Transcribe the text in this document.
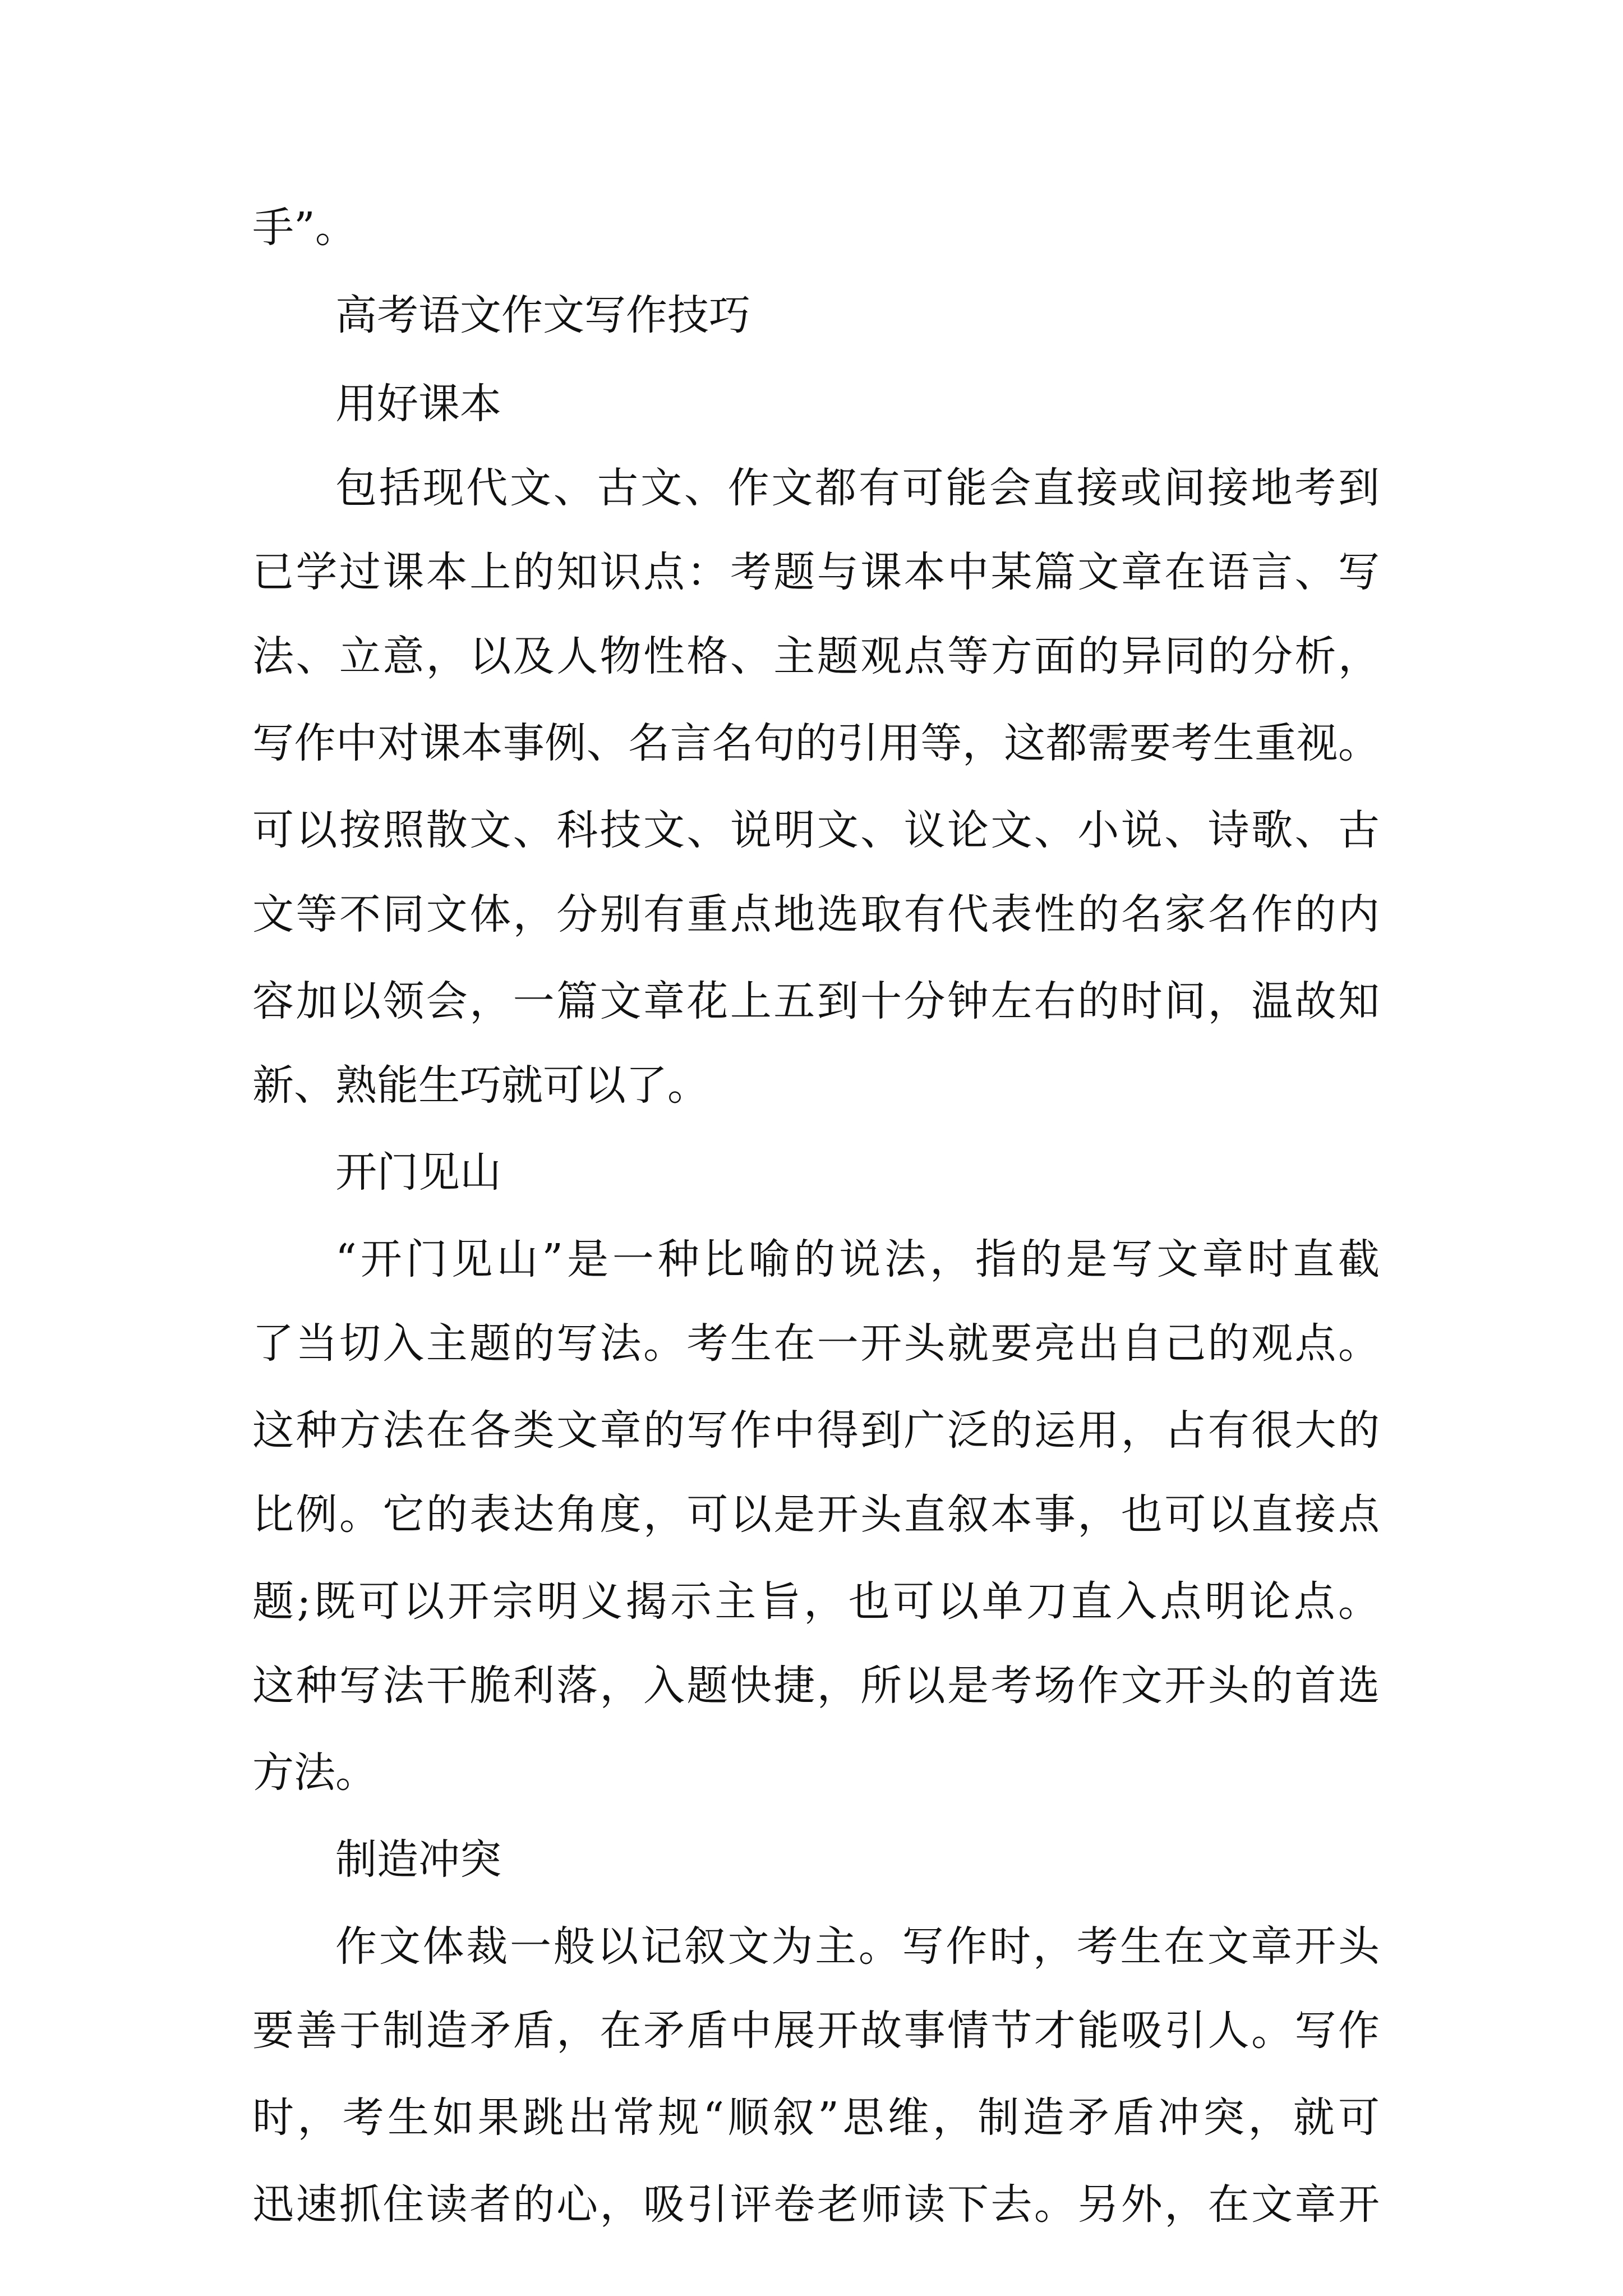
手”。
高考语文作文写作技巧
用好课本
包括现代文、古文、作文都有可能会直接或间接地考到
已学过课本上的知识点：考题与课本中某篇文章在语言、写
法、立意，以及人物性格、主题观点等方面的异同的分析，
写作中对课本事例、名言名句的引用等，这都需要考生重视。
可以按照散文、科技文、说明文、议论文、小说、诗歌、古
文等不同文体，分别有重点地选取有代表性的名家名作的内
容加以领会，一篇文章花上五到十分钟左右的时间，温故知
新、熟能生巧就可以了。
开门见山
“开门见山”是一种比喻的说法，指的是写文章时直截
了当切入主题的写法。考生在一开头就要亮出自己的观点。
这种方法在各类文章的写作中得到广泛的运用，占有很大的
比例。它的表达角度，可以是开头直叙本事，也可以直接点
题;既可以开宗明义揭示主旨，也可以单刀直入点明论点。
这种写法干脆利落，入题快捷，所以是考场作文开头的首选
方法。
制造冲突
作文体裁一般以记叙文为主。写作时，考生在文章开头
要善于制造矛盾，在矛盾中展开故事情节才能吸引人。写作
时，考生如果跳出常规“顺叙”思维，制造矛盾冲突，就可
迅速抓住读者的心，吸引评卷老师读下去。另外，在文章开
